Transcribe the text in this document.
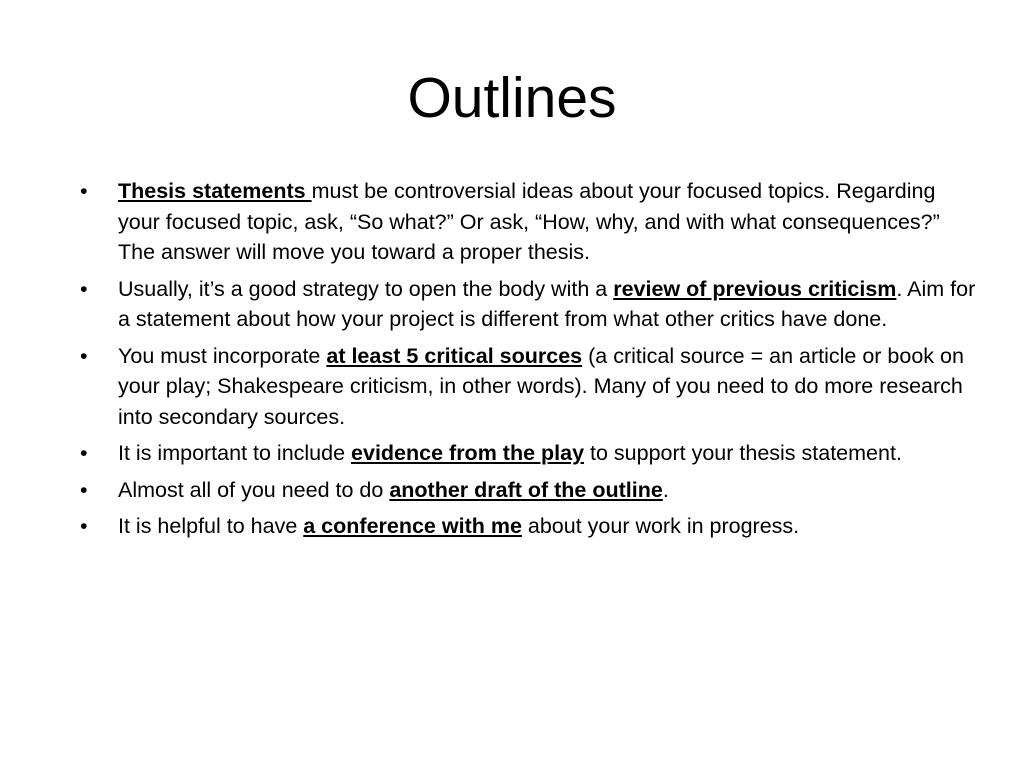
Outlines
•	Thesis statements must be controversial ideas about your focused topics. Regarding your focused topic, ask, “So what?” Or ask, “How, why, and with what consequences?” The answer will move you toward a proper thesis.
•	Usually, it’s a good strategy to open the body with a review of previous criticism. Aim for a statement about how your project is different from what other critics have done.
•	You must incorporate at least 5 critical sources (a critical source = an article or book on your play; Shakespeare criticism, in other words). Many of you need to do more research into secondary sources.
•	It is important to include evidence from the play to support your thesis statement.
•	Almost all of you need to do another draft of the outline.
•	It is helpful to have a conference with me about your work in progress.
